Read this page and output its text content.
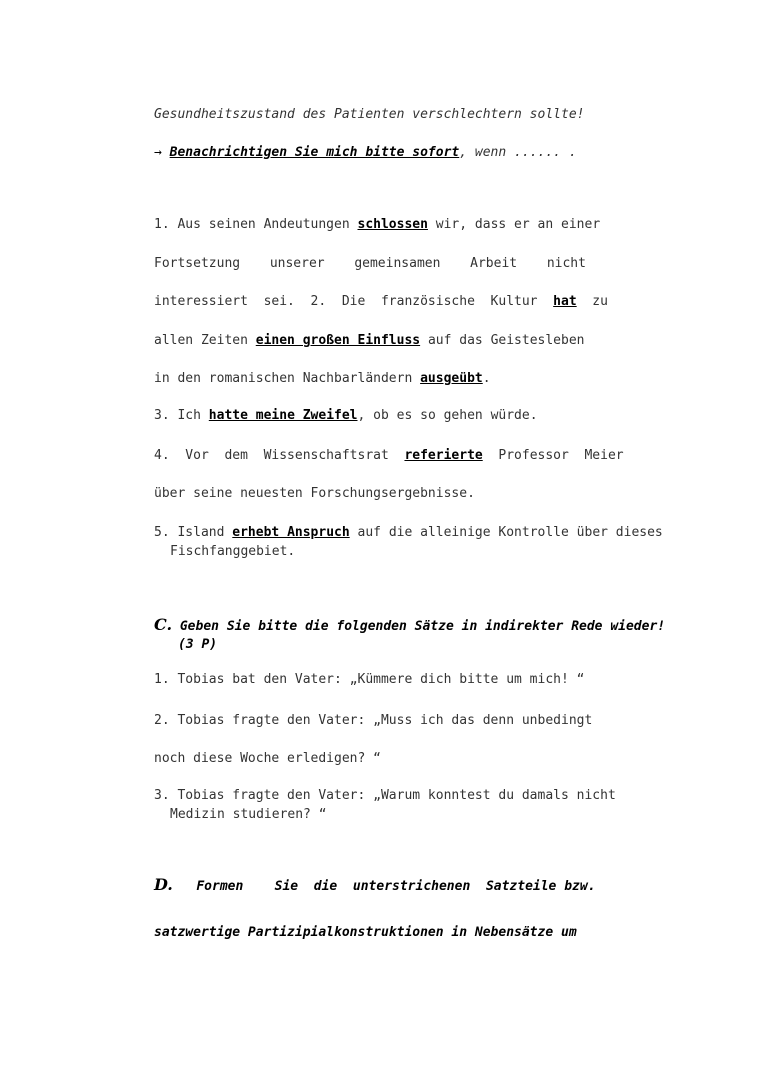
Gesundheitszustand des Patienten verschlechtern sollte!
→ Benachrichtigen Sie mich bitte sofort, wenn ...... .
1. Aus seinen Andeutungen schlossen wir, dass er an einer
Fortsetzung unserer gemeinsamen Arbeit nicht
interessiert  sei.  2.  Die  französische  Kultur  hat  zu
allen Zeiten einen großen Einfluss auf das Geistesleben
in den romanischen Nachbarländern ausgeübt.
3. Ich hatte meine Zweifel, ob es so gehen würde.
4.  Vor  dem  Wissenschaftsrat  referierte  Professor  Meier
über seine neuesten Forschungsergebnisse.
5. Island erhebt Anspruch auf die alleinige Kontrolle über dieses
Fischfanggebiet.
C. Geben Sie bitte die folgenden Sätze in indirekter Rede wieder!
(3 P)
1. Tobias bat den Vater: „Kümmere dich bitte um mich! “
2. Tobias fragte den Vater: „Muss ich das denn unbedingt
noch diese Woche erledigen? “
3. Tobias fragte den Vater: „Warum konntest du damals nicht
Medizin studieren? “
D.   Formen    Sie  die  unterstrichenen  Satzteile bzw.
satzwertige Partizipialkonstruktionen in Nebensätze um
